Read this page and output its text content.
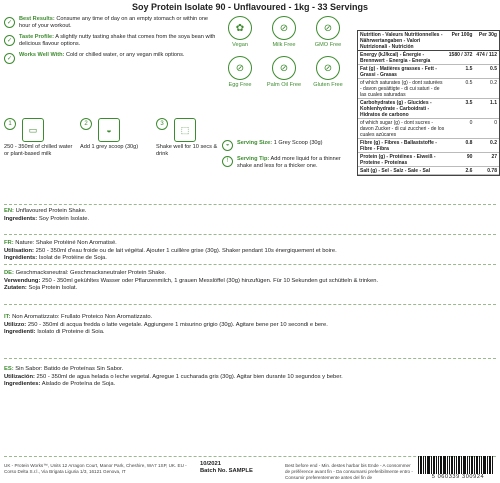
Soy Protein Isolate 90 - Unflavoured - 1kg - 33 Servings
✓
Best Results: Consume any time of day on an empty stomach or within one hour of your workout.
✓
Taste Profile: A slightly nutty tasting shake that comes from the soya bean with delicious flavour options.
✓
Works Well With: Cold or chilled water, or any vegan milk options.
✿
Vegan
⊘
Milk Free
⊘
GMO Free
⊘
Egg Free
⊘
Palm Oil Free
⊘
Gluten Free
1
▭
250 - 350ml of chilled water or plant-based milk
2
◒
Add 1 grey scoop (30g)
3
⬚
Shake well for 10 secs & drink
◒	Serving Size: 1 Grey Scoop (30g)
!	Serving Tip: Add more liquid for a thinner shake and less for a thicker one.
Nutrition - Valeurs Nutritionnelles - Nährwertangaben - Valori Nutrizionali - Nutrición	Per 100g	Per 30g
Energy (kJ/kcal) - Énergie - Brennwert - Energia - Energía	1580 / 372	474 / 112
Fat (g) - Matières grasses - Fett - Grassi - Grasas	1.5	0.5
of which saturates (g) - dont saturées - davon gesättigte - di cui saturi - de las cuales saturadas	0.5	0.2
Carbohydrates (g) - Glucides - Kohlenhydrate - Carboidrati - Hidratos de carbono	3.5	1.1
of which sugar (g) - dont sucres - davon Zucker - di cui zuccheri - de los cuales azúcares	0	0
Fibre (g) - Fibres - Ballaststoffe - Fibre - Fibra	0.8	0.2
Protein (g) - Protéines - Eiweiß - Proteine - Proteínas	90	27
Salt (g) - Sel - Salz - Sale - Sal	2.6	0.78
EN: Unflavoured Protein Shake.
Ingredients: Soy Protein Isolate.
FR: Nature: Shake Protéiné Non Aromatisé.
Utilisation: 250 - 350ml d'eau froide ou de lait végétal. Ajouter 1 cuillère grise (30g). Shaker pendant 10s énergiquement et boire.
Ingrédients: Isolat de Protéine de Soja.
DE: Geschmacksneutral: Geschmacksneutraler Protein Shake.
Verwendung: 250 - 350ml gekühltes Wasser oder Pflanzenmilch, 1 grauen Messlöffel (30g) hinzufügen. Für 10 Sekunden gut schütteln & trinken.
Zutaten: Soja Protein Isolat.
IT: Non Aromatizzato: Frullato Proteico Non Aromatizzato.
Utilizzo: 250 - 350ml di acqua fredda o latte vegetale. Aggiungere 1 misurino grigio (30g). Agitare bene per 10 secondi e bere.
Ingredienti: Isolato di Proteine di Soia.
ES: Sin Sabor: Batido de Proteínas Sin Sabor.
Utilización: 250 - 350ml de agua helada o leche vegetal. Agregue 1 cucharada gris (30g). Agitar bien durante 10 segundos y beber.
Ingredientes: Aislado de Proteína de Soja.
UK - Protein Works™, Units 12 Arragon Court, Manor Park, Cheshire, WA7 1SP, UK. EU - Corso Delta S.r.l., Via Brigata Liguria 1/3, 16121 Genova, IT
10/2021
Batch No. SAMPLE
Best before end - Min. destes harbar bis Ende - A consommer de préférence avant fin - Da consumarsi preferibilmente entro - Consumir preferentemente antes del fin de	5 060339 300924
